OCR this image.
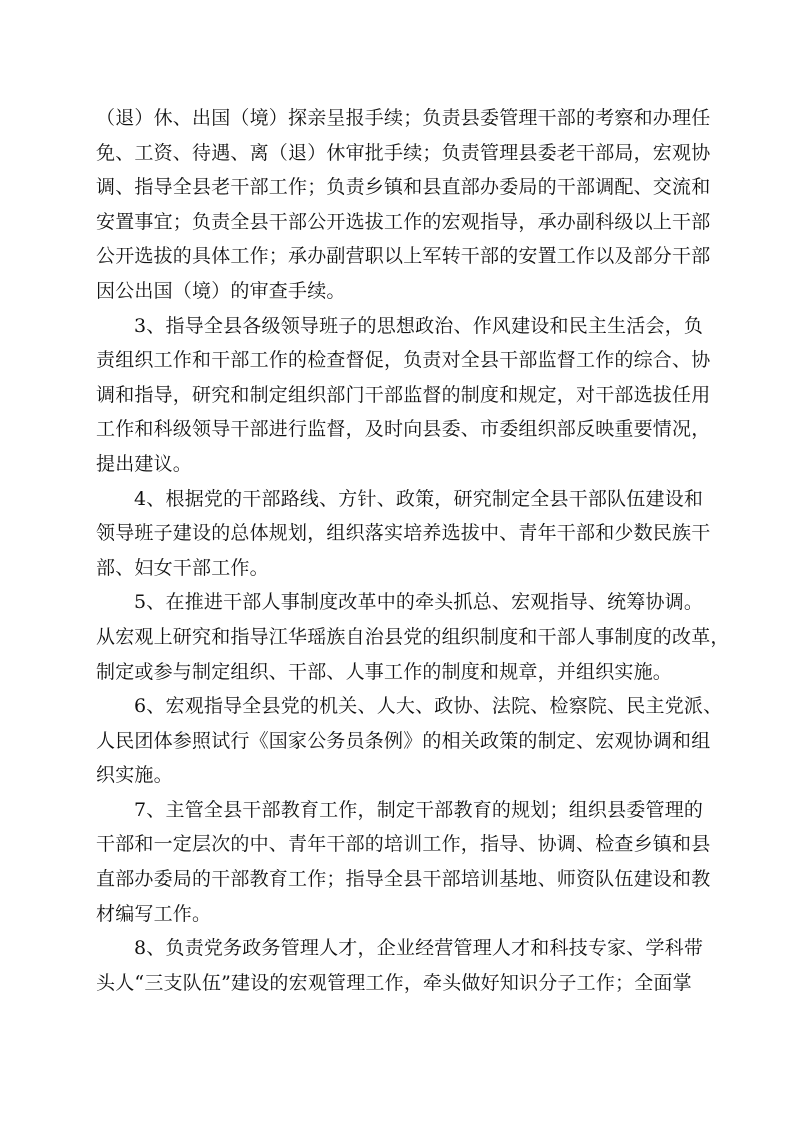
（退）休、出国（境）探亲呈报手续；负责县委管理干部的考察和办理任
免、工资、待遇、离（退）休审批手续；负责管理县委老干部局，宏观协
调、指导全县老干部工作；负责乡镇和县直部办委局的干部调配、交流和
安置事宜；负责全县干部公开选拔工作的宏观指导，承办副科级以上干部
公开选拔的具体工作；承办副营职以上军转干部的安置工作以及部分干部
因公出国（境）的审查手续。
3、指导全县各级领导班子的思想政治、作风建设和民主生活会，负
责组织工作和干部工作的检查督促，负责对全县干部监督工作的综合、协
调和指导，研究和制定组织部门干部监督的制度和规定，对干部选拔任用
工作和科级领导干部进行监督，及时向县委、市委组织部反映重要情况，
提出建议。
4、根据党的干部路线、方针、政策，研究制定全县干部队伍建设和
领导班子建设的总体规划，组织落实培养选拔中、青年干部和少数民族干
部、妇女干部工作。
5、在推进干部人事制度改革中的牵头抓总、宏观指导、统筹协调。
从宏观上研究和指导江华瑶族自治县党的组织制度和干部人事制度的改革，
制定或参与制定组织、干部、人事工作的制度和规章，并组织实施。
6、宏观指导全县党的机关、人大、政协、法院、检察院、民主党派、
人民团体参照试行《国家公务员条例》的相关政策的制定、宏观协调和组
织实施。
7、主管全县干部教育工作，制定干部教育的规划；组织县委管理的
干部和一定层次的中、青年干部的培训工作，指导、协调、检查乡镇和县
直部办委局的干部教育工作；指导全县干部培训基地、师资队伍建设和教
材编写工作。
8、负责党务政务管理人才，企业经营管理人才和科技专家、学科带
头人“三支队伍”建设的宏观管理工作，牵头做好知识分子工作；全面掌
